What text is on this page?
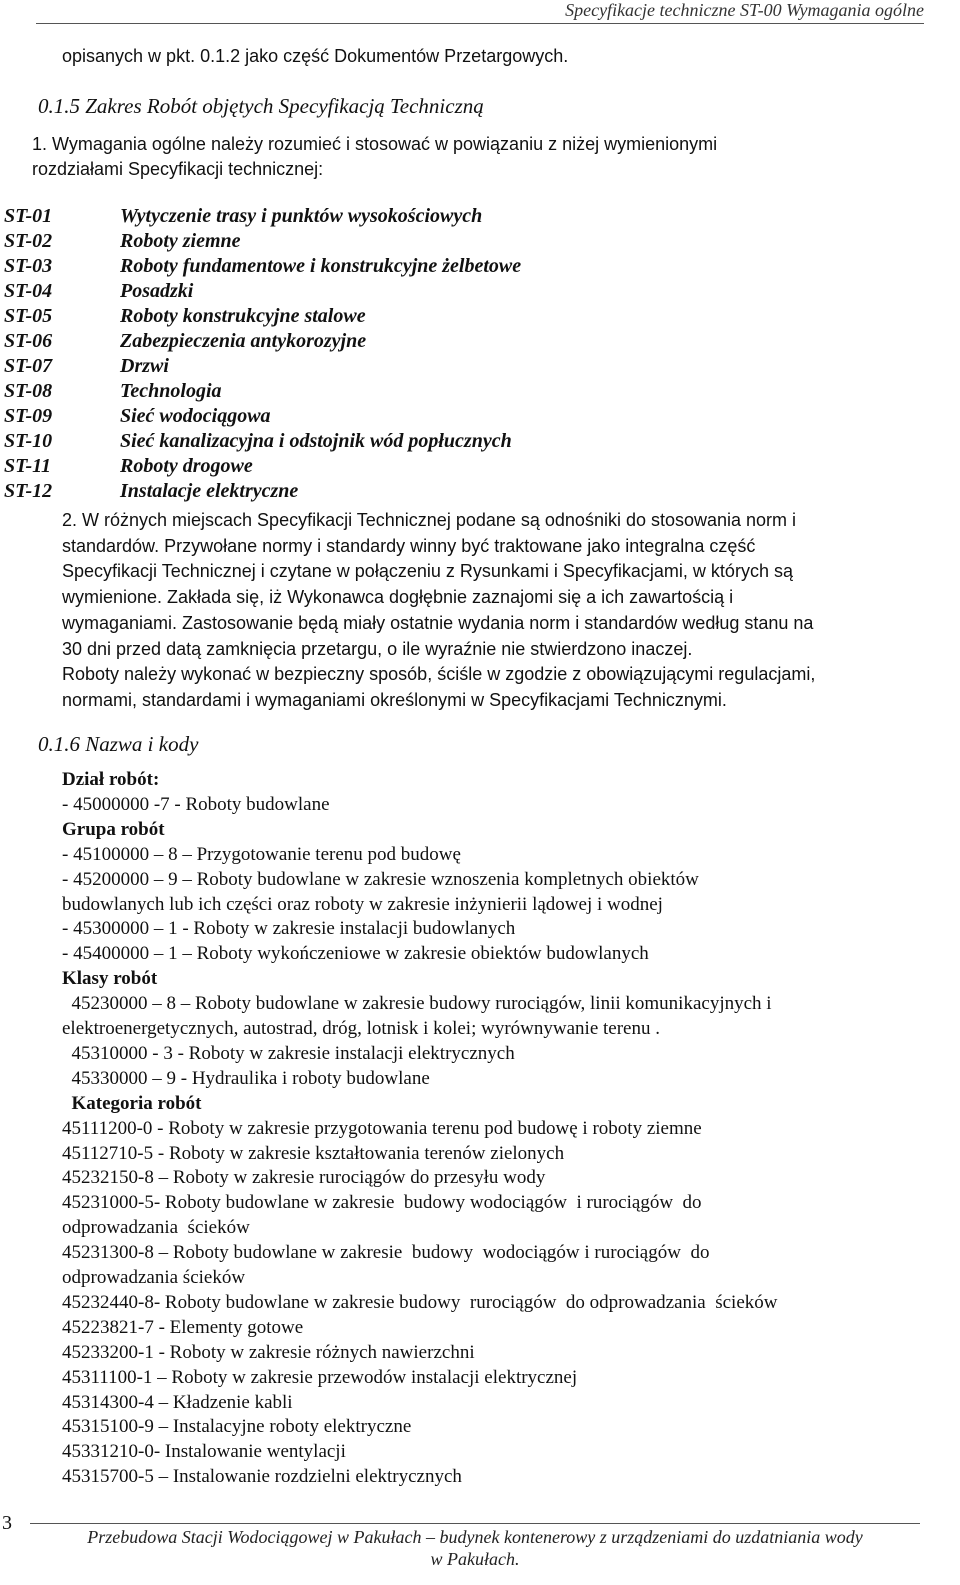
Specyfikacje techniczne ST-00 Wymagania ogólne
opisanych w pkt. 0.1.2 jako część Dokumentów Przetargowych.
0.1.5 Zakres Robót objętych Specyfikacją Techniczną
1. Wymagania ogólne należy rozumieć i stosować w powiązaniu z niżej wymienionymi
rozdziałami Specyfikacji technicznej:
ST-01	Wytyczenie trasy i punktów wysokościowych
ST-02	Roboty ziemne
ST-03	Roboty fundamentowe i konstrukcyjne żelbetowe
ST-04	Posadzki
ST-05	Roboty konstrukcyjne stalowe
ST-06	Zabezpieczenia antykorozyjne
ST-07	Drzwi
ST-08	Technologia
ST-09	Sieć wodociągowa
ST-10	Sieć kanalizacyjna i odstojnik wód popłucznych
ST-11	Roboty drogowe
ST-12	Instalacje elektryczne
2. W różnych miejscach Specyfikacji Technicznej podane są odnośniki do stosowania norm i
standardów. Przywołane normy i standardy winny być traktowane jako integralna część
Specyfikacji Technicznej i czytane w połączeniu z Rysunkami i Specyfikacjami, w których są
wymienione. Zakłada się, iż Wykonawca dogłębnie zaznajomi się a ich zawartością i
wymaganiami. Zastosowanie będą miały ostatnie wydania norm i standardów według stanu na
30 dni przed datą zamknięcia przetargu, o ile wyraźnie nie stwierdzono inaczej.
Roboty należy wykonać w bezpieczny sposób, ściśle w zgodzie z obowiązującymi regulacjami,
normami, standardami i wymaganiami określonymi w Specyfikacjami Technicznymi.
0.1.6 Nazwa i kody
Dział robót:
- 45000000 -7 - Roboty budowlane
Grupa robót
- 45100000 – 8 – Przygotowanie terenu pod budowę
- 45200000 – 9 – Roboty budowlane w zakresie wznoszenia kompletnych obiektów
budowlanych lub ich części oraz roboty w zakresie inżynierii lądowej i wodnej
- 45300000 – 1 - Roboty w zakresie instalacji budowlanych
- 45400000 – 1 – Roboty wykończeniowe w zakresie obiektów budowlanych
Klasy robót
45230000 – 8 – Roboty budowlane w zakresie budowy rurociągów, linii komunikacyjnych i
elektroenergetycznych, autostrad, dróg, lotnisk i kolei; wyrównywanie terenu .
45310000 - 3 - Roboty w zakresie instalacji elektrycznych
45330000 – 9 - Hydraulika i roboty budowlane
Kategoria robót
45111200-0 - Roboty w zakresie przygotowania terenu pod budowę i roboty ziemne
45112710-5 - Roboty w zakresie kształtowania terenów zielonych
45232150-8 – Roboty w zakresie rurociągów do przesyłu wody
45231000-5- Roboty budowlane w zakresie  budowy wodociągów  i rurociągów  do
odprowadzania  ścieków
45231300-8 – Roboty budowlane w zakresie  budowy  wodociągów i rurociągów  do
odprowadzania ścieków
45232440-8- Roboty budowlane w zakresie budowy  rurociągów  do odprowadzania  ścieków
45223821-7 - Elementy gotowe
45233200-1 - Roboty w zakresie różnych nawierzchni
45311100-1 – Roboty w zakresie przewodów instalacji elektrycznej
45314300-4 – Kładzenie kabli
45315100-9 – Instalacyjne roboty elektryczne
45331210-0- Instalowanie wentylacji
45315700-5 – Instalowanie rozdzielni elektrycznych
3
Przebudowa Stacji Wodociągowej w Pakułach – budynek kontenerowy z urządzeniami do uzdatniania wody
w Pakułach.
